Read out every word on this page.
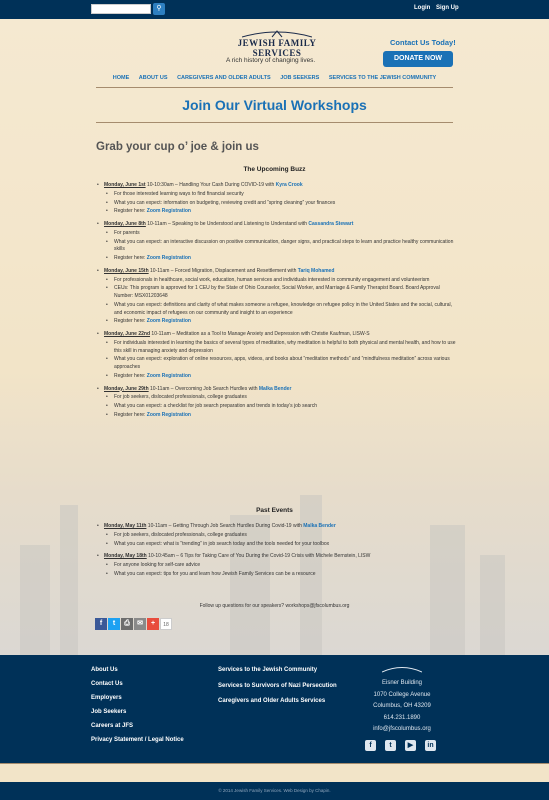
⚲	Login Sign Up
JEWISH FAMILY SERVICES
A rich history of changing lives.
Contact Us Today!
DONATE NOW
HOME ABOUT US CAREGIVERS AND OLDER ADULTS JOB SEEKERS SERVICES TO THE JEWISH COMMUNITY
Join Our Virtual Workshops
Grab your cup o’ joe & join us
The Upcoming Buzz
• Monday, June 1st 10-10:30am – Handling Your Cash During COVID-19 with Kyra Crook
• For those interested learning ways to find financial security
• What you can expect: information on budgeting, reviewing credit and “spring cleaning” your finances
• Register here: Zoom Registration
• Monday, June 8th 10-11am – Speaking to be Understood and Listening to Understand with Cassandra Stewart
• For parents
• What you can expect: an interactive discussion on positive communication, danger signs, and practical steps to learn and practice healthy communication skills
• Register here: Zoom Registration
• Monday, June 15th 10-11am – Forced Migration, Displacement and Resettlement with Tariq Mohamed
• For professionals in healthcare, social work, education, human services and individuals interested in community engagement and volunteerism
• CEUs: This program is approved for 1 CEU by the State of Ohio Counselor, Social Worker, and Marriage & Family Therapist Board. Board Approval Number: MSX01203648
• What you can expect: definitions and clarity of what makes someone a refugee, knowledge on refugee policy in the United States and the social, cultural, and economic impact of refugees on our community and insight to an experience
• Register here: Zoom Registration
• Monday, June 22nd 10-11am – Meditation as a Tool to Manage Anxiety and Depression with Christie Kaufman, LISW-S
• For individuals interested in learning the basics of several types of meditation, why meditation is helpful to both physical and mental health, and how to use this skill in managing anxiety and depression
• What you can expect: exploration of online resources, apps, videos, and books about “meditation methods” and “mindfulness meditation” across various approaches
• Register here: Zoom Registration
• Monday, June 29th 10-11am – Overcoming Job Search Hurdles with Malka Bender
• For job seekers, dislocated professionals, college graduates
• What you can expect: a checklist for job search preparation and trends in today’s job search
• Register here: Zoom Registration
Past Events
• Monday, May 11th 10-11am – Getting Through Job Search Hurdles During Covid-19 with Malka Bender
• For job seekers, dislocated professionals, college graduates
• What you can expect: what is “trending” in job search today and the tools needed for your toolbox
• Monday, May 18th 10-10:45am – 6 Tips for Taking Care of You During the Covid-19 Crisis with Michele Bernstein, LISW
• For anyone looking for self-care advice
• What you can expect: tips for you and learn how Jewish Family Services can be a resource
Follow up questions for our speakers? workshops@jfscolumbus.org
f	t	⎙	✉	+	18
About Us
Contact Us
Employers
Job Seekers
Careers at JFS
Privacy Statement / Legal Notice
Services to the Jewish Community
Services to Survivors of Nazi Persecution
Caregivers and Older Adults Services
Eisner Building
1070 College Avenue
Columbus, OH 43209
614.231.1890
info@jfscolumbus.org
f	t	▶	in
© 2014 Jewish Family Services. Web Design by Chapin.
